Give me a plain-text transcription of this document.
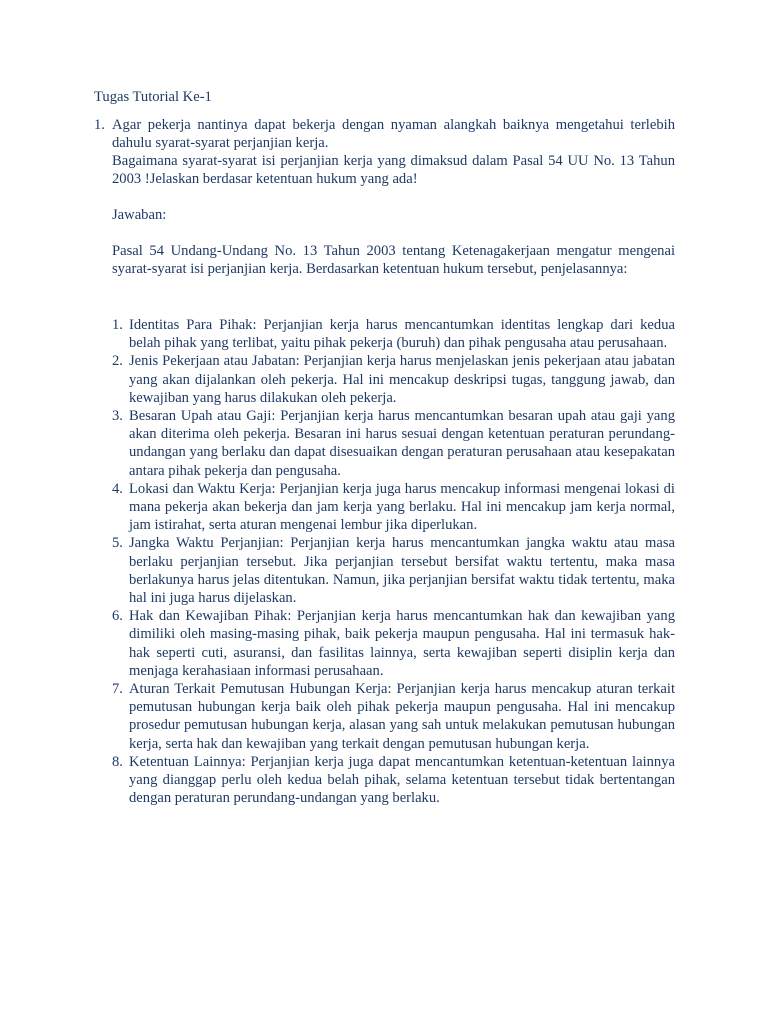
Tugas Tutorial Ke-1

1. Agar pekerja nantinya dapat bekerja dengan nyaman alangkah baiknya mengetahui terlebih dahulu syarat-syarat perjanjian kerja.

Bagaimana syarat-syarat isi perjanjian kerja yang dimaksud dalam Pasal 54 UU No. 13 Tahun 2003 !Jelaskan berdasar ketentuan hukum yang ada!

Jawaban:

Pasal 54 Undang-Undang No. 13 Tahun 2003 tentang Ketenagakerjaan mengatur mengenai syarat-syarat isi perjanjian kerja. Berdasarkan ketentuan hukum tersebut, penjelasannya:

1. Identitas Para Pihak: Perjanjian kerja harus mencantumkan identitas lengkap dari kedua belah pihak yang terlibat, yaitu pihak pekerja (buruh) dan pihak pengusaha atau perusahaan.
2. Jenis Pekerjaan atau Jabatan: Perjanjian kerja harus menjelaskan jenis pekerjaan atau jabatan yang akan dijalankan oleh pekerja. Hal ini mencakup deskripsi tugas, tanggung jawab, dan kewajiban yang harus dilakukan oleh pekerja.
3. Besaran Upah atau Gaji: Perjanjian kerja harus mencantumkan besaran upah atau gaji yang akan diterima oleh pekerja. Besaran ini harus sesuai dengan ketentuan peraturan perundang-undangan yang berlaku dan dapat disesuaikan dengan peraturan perusahaan atau kesepakatan antara pihak pekerja dan pengusaha.
4. Lokasi dan Waktu Kerja: Perjanjian kerja juga harus mencakup informasi mengenai lokasi di mana pekerja akan bekerja dan jam kerja yang berlaku. Hal ini mencakup jam kerja normal, jam istirahat, serta aturan mengenai lembur jika diperlukan.
5. Jangka Waktu Perjanjian: Perjanjian kerja harus mencantumkan jangka waktu atau masa berlaku perjanjian tersebut. Jika perjanjian tersebut bersifat waktu tertentu, maka masa berlakunya harus jelas ditentukan. Namun, jika perjanjian bersifat waktu tidak tertentu, maka hal ini juga harus dijelaskan.
6. Hak dan Kewajiban Pihak: Perjanjian kerja harus mencantumkan hak dan kewajiban yang dimiliki oleh masing-masing pihak, baik pekerja maupun pengusaha. Hal ini termasuk hak-hak seperti cuti, asuransi, dan fasilitas lainnya, serta kewajiban seperti disiplin kerja dan menjaga kerahasiaan informasi perusahaan.
7. Aturan Terkait Pemutusan Hubungan Kerja: Perjanjian kerja harus mencakup aturan terkait pemutusan hubungan kerja baik oleh pihak pekerja maupun pengusaha. Hal ini mencakup prosedur pemutusan hubungan kerja, alasan yang sah untuk melakukan pemutusan hubungan kerja, serta hak dan kewajiban yang terkait dengan pemutusan hubungan kerja.
8. Ketentuan Lainnya: Perjanjian kerja juga dapat mencantumkan ketentuan-ketentuan lainnya yang dianggap perlu oleh kedua belah pihak, selama ketentuan tersebut tidak bertentangan dengan peraturan perundang-undangan yang berlaku.
